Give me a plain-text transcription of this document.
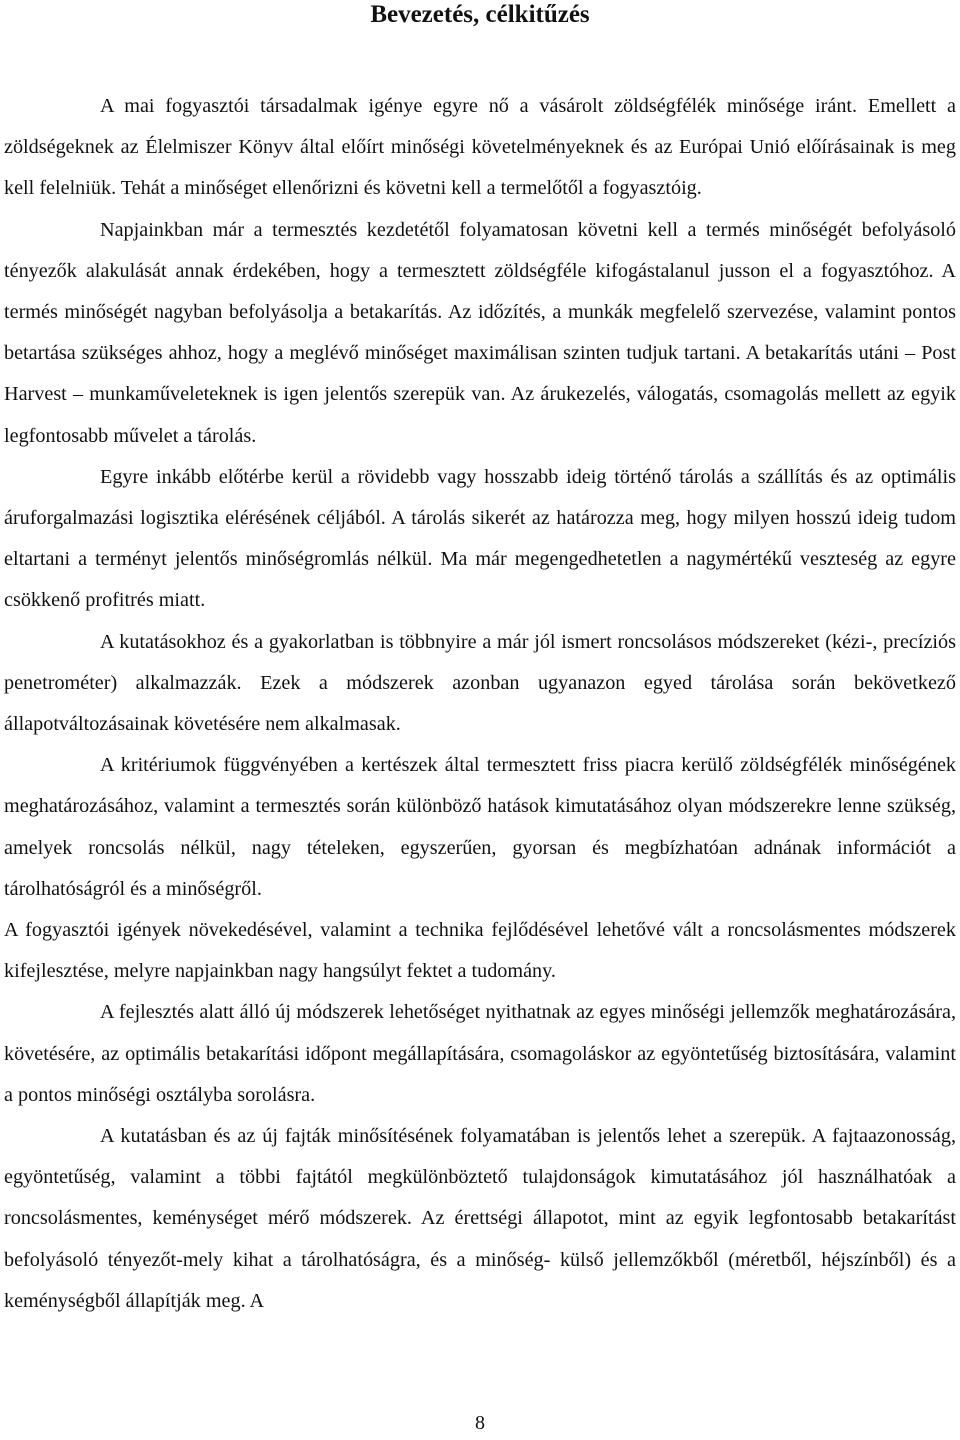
Bevezetés, célkitűzés

A mai fogyasztói társadalmak igénye egyre nő a vásárolt zöldségfélék minősége iránt. Emellett a zöldségeknek az Élelmiszer Könyv által előírt minőségi követelményeknek és az Európai Unió előírásainak is meg kell felelniük. Tehát a minőséget ellenőrizni és követni kell a termelőtől a fogyasztóig.

Napjainkban már a termesztés kezdetétől folyamatosan követni kell a termés minőségét befolyásoló tényezők alakulását annak érdekében, hogy a termesztett zöldségféle kifogástalanul jusson el a fogyasztóhoz. A termés minőségét nagyban befolyásolja a betakarítás. Az időzítés, a munkák megfelelő szervezése, valamint pontos betartása szükséges ahhoz, hogy a meglévő minőséget maximálisan szinten tudjuk tartani. A betakarítás utáni – Post Harvest – munkaműveleteknek is igen jelentős szerepük van. Az árukezelés, válogatás, csomagolás mellett az egyik legfontosabb művelet a tárolás.

Egyre inkább előtérbe kerül a rövidebb vagy hosszabb ideig történő tárolás a szállítás és az optimális áruforgalmazási logisztika elérésének céljából. A tárolás sikerét az határozza meg, hogy milyen hosszú ideig tudom eltartani a terményt jelentős minőségromlás nélkül. Ma már megengedhetetlen a nagymértékű veszteség az egyre csökkenő profitrés miatt.

A kutatásokhoz és a gyakorlatban is többnyire a már jól ismert roncsolásos módszereket (kézi-, precíziós penetrométer) alkalmazzák. Ezek a módszerek azonban ugyanazon egyed tárolása során bekövetkező állapotváltozásainak követésére nem alkalmasak.

A kritériumok függvényében a kertészek által termesztett friss piacra kerülő zöldségfélék minőségének meghatározásához, valamint a termesztés során különböző hatások kimutatásához olyan módszerekre lenne szükség, amelyek roncsolás nélkül, nagy tételeken, egyszerűen, gyorsan és megbízhatóan adnának információt a tárolhatóságról és a minőségről.

A fogyasztói igények növekedésével, valamint a technika fejlődésével lehetővé vált a roncsolásmentes módszerek kifejlesztése, melyre napjainkban nagy hangsúlyt fektet a tudomány.

A fejlesztés alatt álló új módszerek lehetőséget nyithatnak az egyes minőségi jellemzők meghatározására, követésére, az optimális betakarítási időpont megállapítására, csomagoláskor az egyöntetűség biztosítására, valamint a pontos minőségi osztályba sorolásra.

A kutatásban és az új fajták minősítésének folyamatában is jelentős lehet a szerepük. A fajtaazonosság, egyöntetűség, valamint a többi fajtától megkülönböztető tulajdonságok kimutatásához jól használhatóak a roncsolásmentes, keménységet mérő módszerek. Az érettségi állapotot, mint az egyik legfontosabb betakarítást befolyásoló tényezőt-mely kihat a tárolhatóságra, és a minőség- külső jellemzőkből (méretből, héjszínből) és a keménységből állapítják meg. A

8
